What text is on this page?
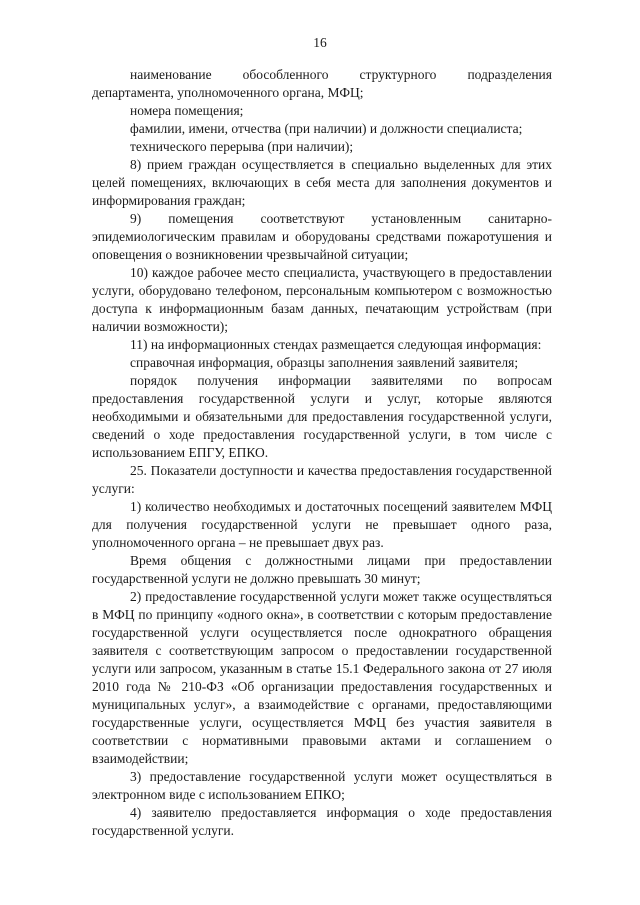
16

наименование обособленного структурного подразделения департамента, уполномоченного органа, МФЦ;

номера помещения;

фамилии, имени, отчества (при наличии) и должности специалиста;

технического перерыва (при наличии);

8) прием граждан осуществляется в специально выделенных для этих целей помещениях, включающих в себя места для заполнения документов и информирования граждан;

9) помещения соответствуют установленным санитарно-эпидемиологическим правилам и оборудованы средствами пожаротушения и оповещения о возникновении чрезвычайной ситуации;

10) каждое рабочее место специалиста, участвующего в предоставлении услуги, оборудовано телефоном, персональным компьютером с возможностью доступа к информационным базам данных, печатающим устройствам (при наличии возможности);

11) на информационных стендах размещается следующая информация:

справочная информация, образцы заполнения заявлений заявителя;

порядок получения информации заявителями по вопросам предоставления государственной услуги и услуг, которые являются необходимыми и обязательными для предоставления государственной услуги, сведений о ходе предоставления государственной услуги, в том числе с использованием ЕПГУ, ЕПКО.

25. Показатели доступности и качества предоставления государственной услуги:

1) количество необходимых и достаточных посещений заявителем МФЦ для получения государственной услуги не превышает одного раза, уполномоченного органа – не превышает двух раз.

Время общения с должностными лицами при предоставлении государственной услуги не должно превышать 30 минут;

2) предоставление государственной услуги может также осуществляться в МФЦ по принципу «одного окна», в соответствии с которым предоставление государственной услуги осуществляется после однократного обращения заявителя с соответствующим запросом о предоставлении государственной услуги или запросом, указанным в статье 15.1 Федерального закона от 27 июля 2010 года № 210-ФЗ «Об организации предоставления государственных и муниципальных услуг», а взаимодействие с органами, предоставляющими государственные услуги, осуществляется МФЦ без участия заявителя в соответствии с нормативными правовыми актами и соглашением о взаимодействии;

3) предоставление государственной услуги может осуществляться в электронном виде с использованием ЕПКО;

4) заявителю предоставляется информация о ходе предоставления государственной услуги.
